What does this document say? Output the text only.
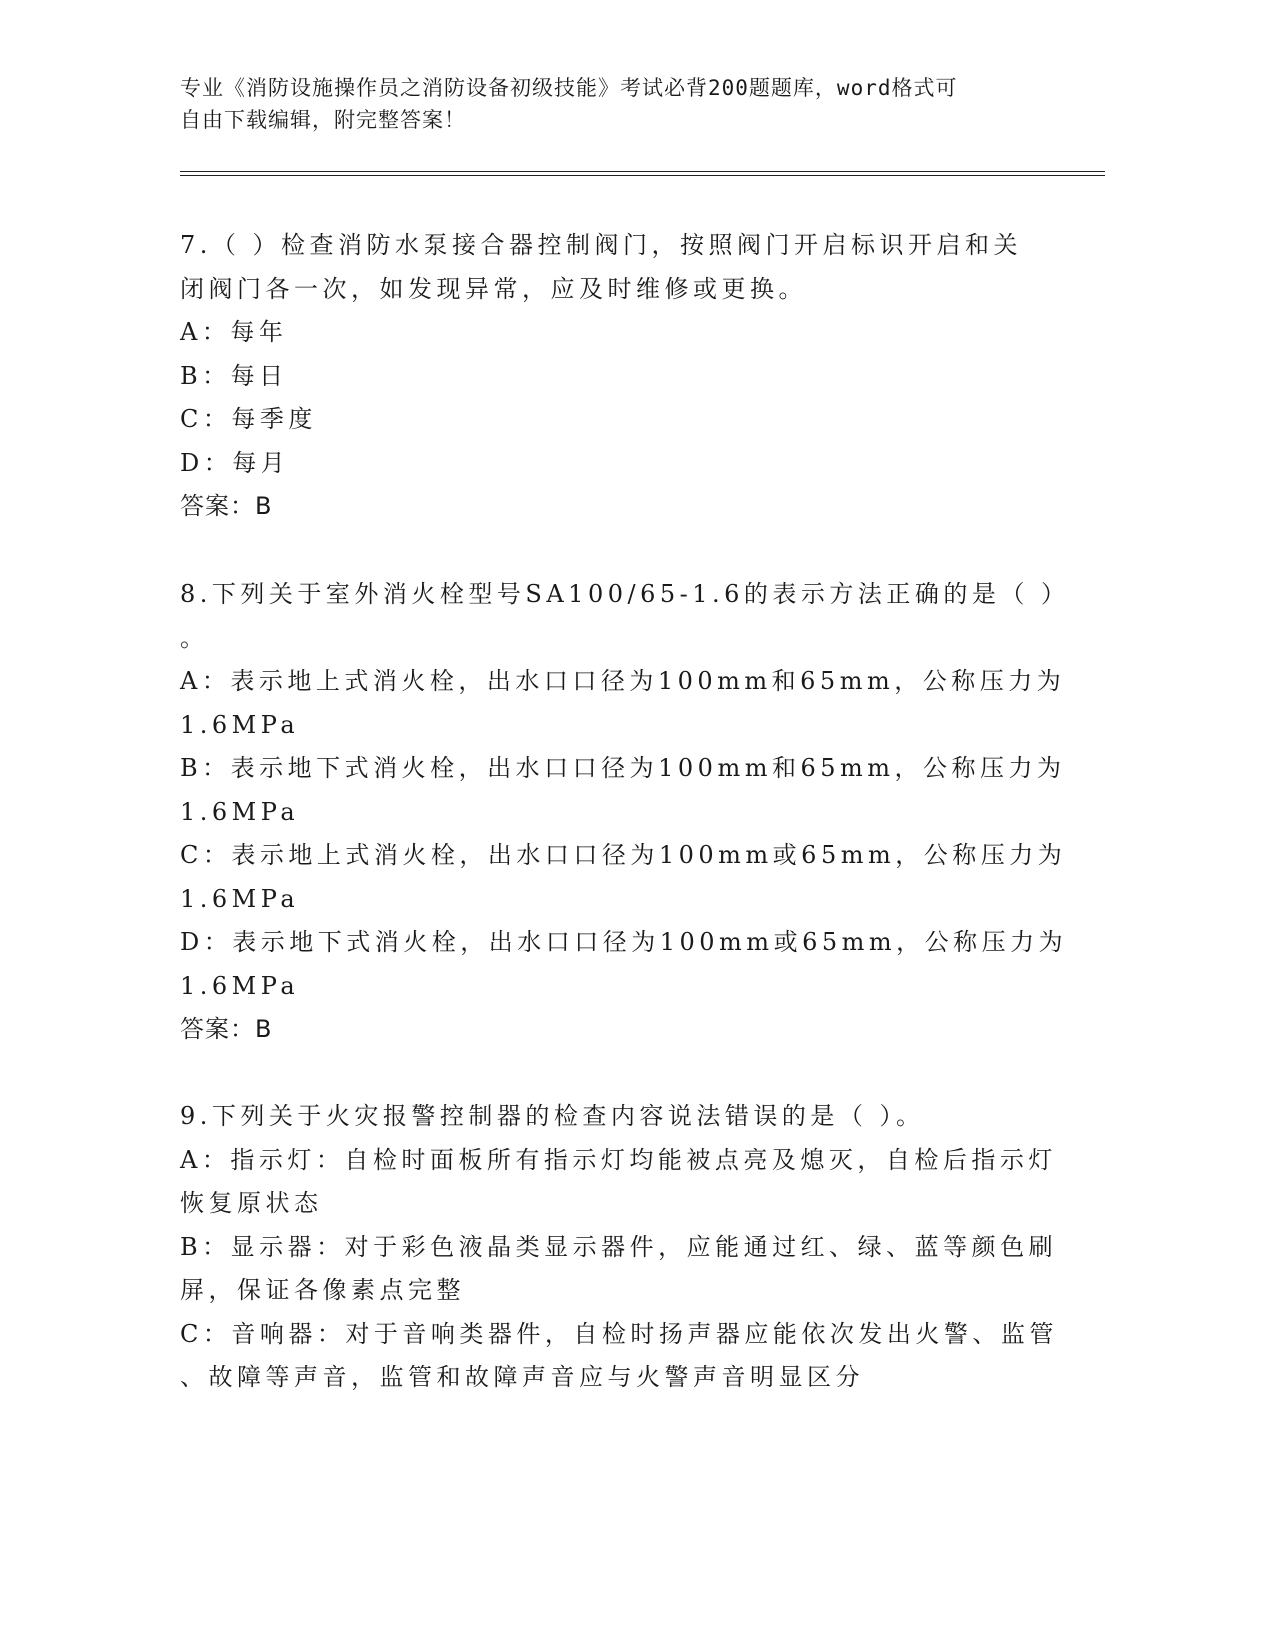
专业《消防设施操作员之消防设备初级技能》考试必背200题题库，word格式可
自由下载编辑，附完整答案！
7.（ ）检查消防水泵接合器控制阀门，按照阀门开启标识开启和关
闭阀门各一次，如发现异常，应及时维修或更换。
A：每年
B：每日
C：每季度
D：每月
答案：B
8.下列关于室外消火栓型号SA100/65-1.6的表示方法正确的是（ ）
。
A：表示地上式消火栓，出水口口径为100mm和65mm，公称压力为
1.6MPa
B：表示地下式消火栓，出水口口径为100mm和65mm，公称压力为
1.6MPa
C：表示地上式消火栓，出水口口径为100mm或65mm，公称压力为
1.6MPa
D：表示地下式消火栓，出水口口径为100mm或65mm，公称压力为
1.6MPa
答案：B
9.下列关于火灾报警控制器的检查内容说法错误的是（ ）。
A：指示灯：自检时面板所有指示灯均能被点亮及熄灭，自检后指示灯
恢复原状态
B：显示器：对于彩色液晶类显示器件，应能通过红、绿、蓝等颜色刷
屏，保证各像素点完整
C：音响器：对于音响类器件，自检时扬声器应能依次发出火警、监管
、故障等声音，监管和故障声音应与火警声音明显区分
